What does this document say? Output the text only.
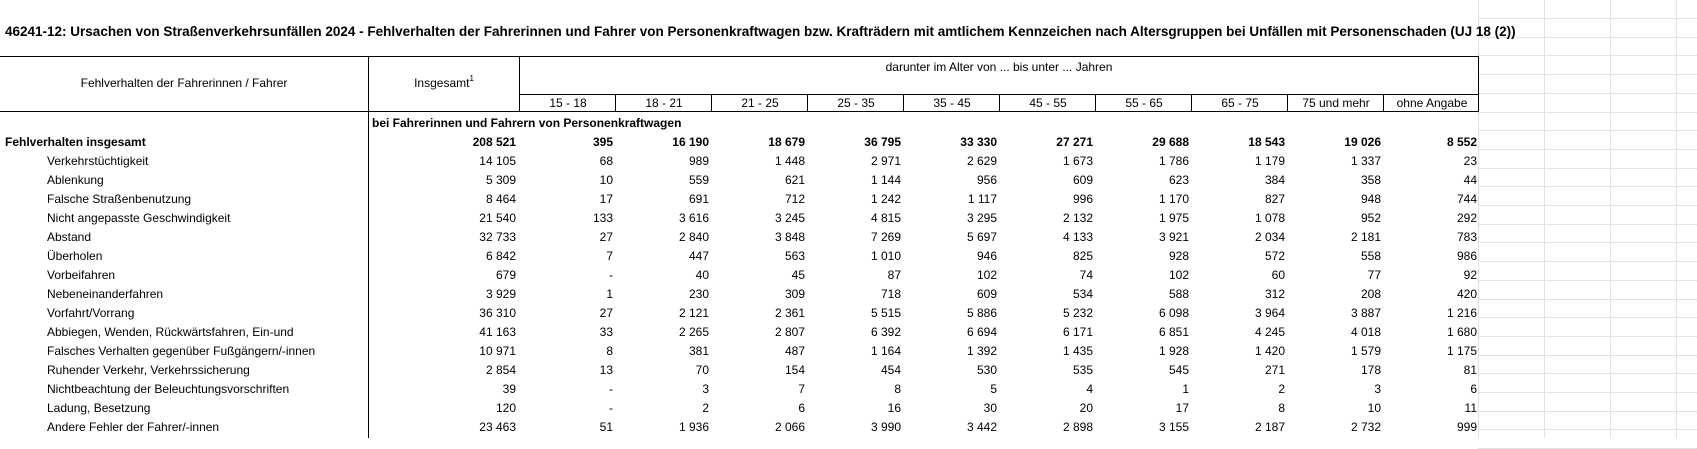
46241-12: Ursachen von Straßenverkehrsunfällen 2024 - Fehlverhalten der Fahrerinnen und Fahrer von Personenkraftwagen bzw. Krafträdern mit amtlichem Kennzeichen nach Altersgruppen bei Unfällen mit Personenschaden (UJ 18 (2))
Fehlverhalten der Fahrerinnen / Fahrer	Insgesamt$^1$
darunter im Alter von ... bis unter ... Jahren
15 - 18	18 - 21	21 - 25	25 - 35	35 - 45	45 - 55	55 - 65	65 - 75	75 und mehr	ohne Angabe
bei Fahrerinnen und Fahrern von Personenkraftwagen
Fehlverhalten insgesamt	208 521	395	16 190	18 679	36 795	33 330	27 271	29 688	18 543	19 026	8 552
Verkehrstüchtigkeit	14 105	68	989	1 448	2 971	2 629	1 673	1 786	1 179	1 337	23
Ablenkung	5 309	10	559	621	1 144	956	609	623	384	358	44
Falsche Straßenbenutzung	8 464	17	691	712	1 242	1 117	996	1 170	827	948	744
Nicht angepasste Geschwindigkeit	21 540	133	3 616	3 245	4 815	3 295	2 132	1 975	1 078	952	292
Abstand	32 733	27	2 840	3 848	7 269	5 697	4 133	3 921	2 034	2 181	783
Überholen	6 842	7	447	563	1 010	946	825	928	572	558	986
Vorbeifahren	679	-	40	45	87	102	74	102	60	77	92
Nebeneinanderfahren	3 929	1	230	309	718	609	534	588	312	208	420
Vorfahrt/Vorrang	36 310	27	2 121	2 361	5 515	5 886	5 232	6 098	3 964	3 887	1 216
Abbiegen, Wenden, Rückwärtsfahren, Ein-und	41 163	33	2 265	2 807	6 392	6 694	6 171	6 851	4 245	4 018	1 680
Falsches Verhalten gegenüber Fußgängern/-innen	10 971	8	381	487	1 164	1 392	1 435	1 928	1 420	1 579	1 175
Ruhender Verkehr, Verkehrssicherung	2 854	13	70	154	454	530	535	545	271	178	81
Nichtbeachtung der Beleuchtungsvorschriften	39	-	3	7	8	5	4	1	2	3	6
Ladung, Besetzung	120	-	2	6	16	30	20	17	8	10	11
Andere Fehler der Fahrer/-innen	23 463	51	1 936	2 066	3 990	3 442	2 898	3 155	2 187	2 732	999
